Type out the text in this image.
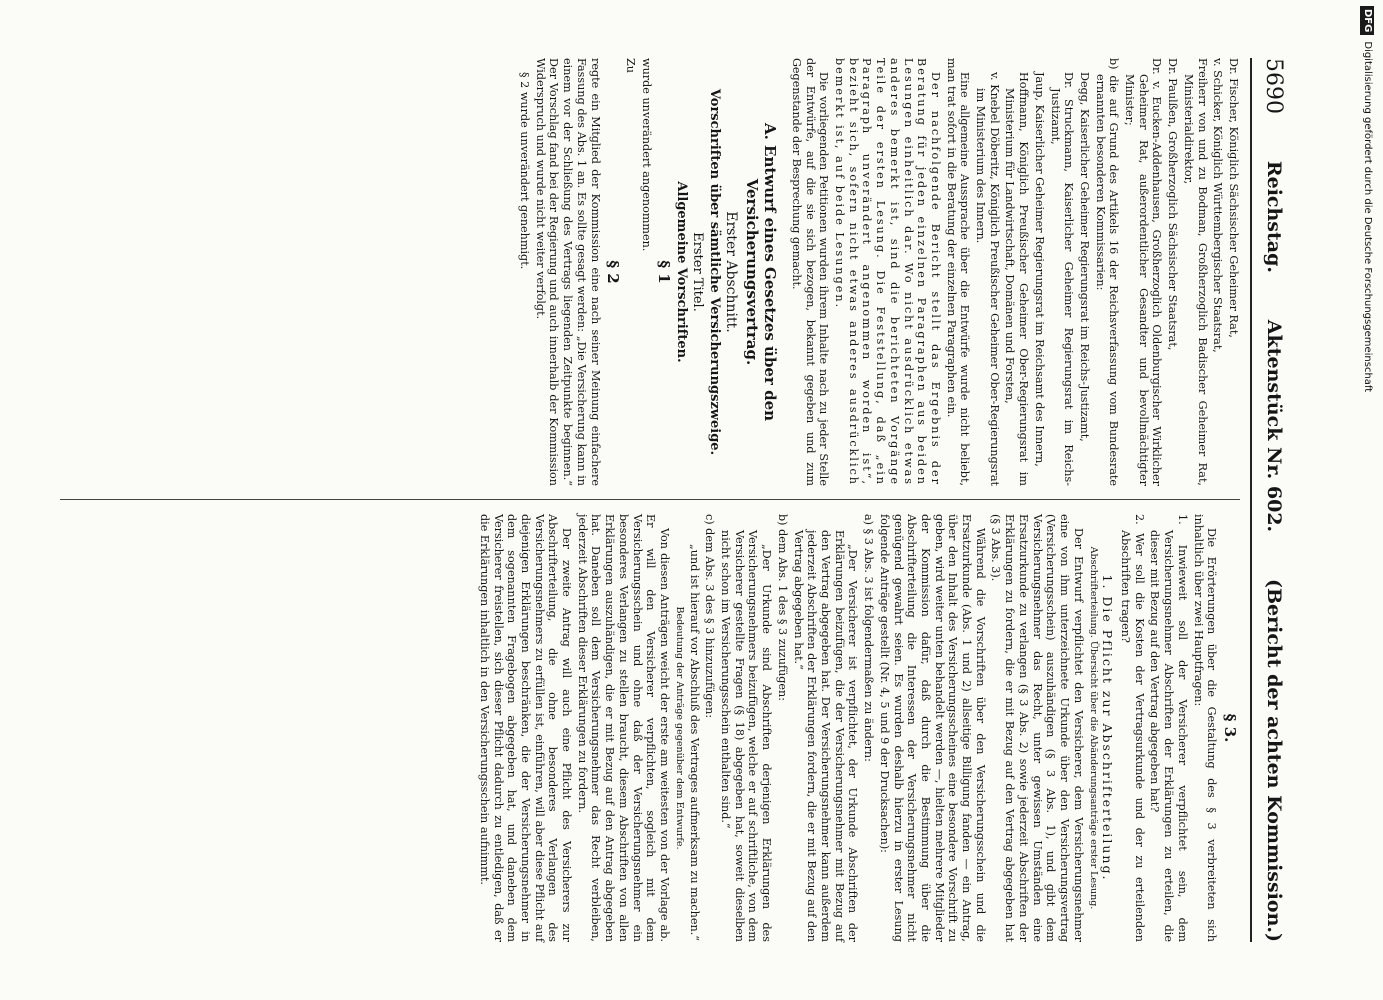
5690
Reichstag.
Aktenstück Nr. 602.
(Bericht der achten Kommission.)

Dr. Fischer, Königlich Sächsischer Geheimer Rat,

v. Schicker, Königlich Württembergischer Staatsrat,

Freiherr von und zu Bodman, Großherzoglich Badischer Geheimer Rat, Ministerialdirektor,

Dr. Paulßen, Großherzoglich Sächsischer Staatsrat,

Dr. v. Eucken-Addenhausen, Großherzoglich Oldenburgischer Wirklicher Geheimer Rat, außerordentlicher Gesandter und bevollmächtigter Minister;

b) die auf Grund des Artikels 16 der Reichsverfassung vom Bundesrate ernannten besonderen Kommissarien:

Degg, Kaiserlicher Geheimer Regierungsrat im Reichs-Justizamt,

Dr. Struckmann, Kaiserlicher Geheimer Regierungsrat im Reichs-Justizamt,

Jaup, Kaiserlicher Geheimer Regierungsrat im Reichsamt des Innern,

Hoffmann, Königlich Preußischer Geheimer Ober-Regierungsrat im Ministerium für Landwirtschaft, Domänen und Forsten,

v. Knebel Döberitz, Königlich Preußischer Geheimer Ober-Regierungsrat im Ministerium des Innern.

Eine allgemeine Aussprache über die Entwürfe wurde nicht beliebt, man trat sofort in die Beratung der einzelnen Paragraphen ein.

Der nachfolgende Bericht stellt das Ergebnis der Beratung für jeden einzelnen Paragraphen aus beiden Lesungen einheitlich dar. Wo nicht ausdrücklich etwas anderes bemerkt ist, sind die berichteten Vorgänge Teile der ersten Lesung. Die Feststellung, daß „ein Paragraph unverändert angenommen worden ist“, bezieht sich, sofern nicht etwas anderes ausdrücklich bemerkt ist, auf beide Lesungen.

Die vorliegenden Petitionen wurden ihrem Inhalte nach zu jeder Stelle der Entwürfe, auf die sie sich bezogen, bekannt gegeben und zum Gegenstande der Besprechung gemacht.

A. Entwurf eines Gesetzes über den Versicherungsvertrag.

Erster Abschnitt.

Vorschriften über sämtliche Versicherungszweige.

Erster Titel.

Allgemeine Vorschriften.

§ 1

wurde unverändert angenommen.

Zu

§ 2

regte ein Mitglied der Kommission eine nach seiner Meinung einfachere Fassung des Abs. 1 an. Es sollte gesagt werden: „Die Versicherung kann in einem vor der Schließung des Vertrags liegenden Zeitpunkte beginnen.“ Der Vorschlag fand bei der Regierung und auch innerhalb der Kommission Widerspruch und wurde nicht weiter verfolgt.

§ 2 wurde unverändert genehmigt.

§ 3.

Die Erörterungen über die Gestaltung des § 3 verbreiteten sich inhaltlich über zwei Hauptfragen:

1. Inwieweit soll der Versicherer verpflichtet sein, dem Versicherungsnehmer Abschriften der Erklärungen zu erteilen, die dieser mit Bezug auf den Vertrag abgegeben hat?

2. Wer soll die Kosten der Vertragsurkunde und der zu erteilenden Abschriften tragen?

1. Die Pflicht zur Abschrifterteilung.

Abschrifterteilung. Übersicht über die Abänderungsanträge erster Lesung.

Der Entwurf verpflichtet den Versicherer, dem Versicherungsnehmer eine von ihm unterzeichnete Urkunde über den Versicherungsvertrag (Versicherungsschein) auszuhändigen (§ 3 Abs. 1), und gibt dem Versicherungsnehmer das Recht, unter gewissen Umständen eine Ersatzurkunde zu verlangen (§ 3 Abs. 2) sowie jederzeit Abschriften der Erklärungen zu fordern, die er mit Bezug auf den Vertrag abgegeben hat (§ 3 Abs. 3).

Während die Vorschriften über den Versicherungsschein und die Ersatzurkunde (Abs. 1 und 2) allseitige Billigung fanden — ein Antrag, über den Inhalt des Versicherungsscheines eine besondere Vorschrift zu geben, wird weiter unten behandelt werden —, hielten mehrere Mitglieder der Kommission dafür, daß durch die Bestimmung über die Abschrifterteilung die Interessen der Versicherungsnehmer nicht genügend gewahrt seien. Es wurden deshalb hierzu in erster Lesung folgende Anträge gestellt (Nr. 4, 5 und 9 der Drucksachen):

a) § 3 Abs. 3 ist folgendermaßen zu ändern:

„Der Versicherer ist verpflichtet, der Urkunde Abschriften der Erklärungen beizufügen, die der Versicherungsnehmer mit Bezug auf den Vertrag abgegeben hat. Der Versicherungsnehmer kann außerdem jederzeit Abschriften der Erklärungen fordern, die er mit Bezug auf den Vertrag abgegeben hat.“

b) dem Abs. 1 des § 3 zuzufügen:

„Der Urkunde sind Abschriften derjenigen Erklärungen des Versicherungsnehmers beizufügen, welche er auf schriftliche, von dem Versicherer gestellte Fragen (§ 18) abgegeben hat, soweit dieselben nicht schon im Versicherungsschein enthalten sind.“

c) dem Abs. 3 des § 3 hinzuzufügen:

„und ist hierauf vor Abschluß des Vertrages aufmerksam zu machen.“

Bedeutung der Anträge gegenüber dem Entwurfe.

Von diesen Anträgen weicht der erste am weitesten von der Vorlage ab. Er will den Versicherer verpflichten, sogleich mit dem Versicherungsschein und ohne daß der Versicherungsnehmer ein besonderes Verlangen zu stellen braucht, diesem Abschriften von allen Erklärungen auszuhändigen, die er mit Bezug auf den Antrag abgegeben hat. Daneben soll dem Versicherungsnehmer das Recht verbleiben, jederzeit Abschriften dieser Erklärungen zu fordern.

Der zweite Antrag will auch eine Pflicht des Versicherers zur Abschrifterteilung, die ohne besonderes Verlangen des Versicherungsnehmers zu erfüllen ist, einführen, will aber diese Pflicht auf diejenigen Erklärungen beschränken, die der Versicherungsnehmer in dem sogenannten Fragebogen abgegeben hat, und daneben dem Versicherer freistellen, sich dieser Pflicht dadurch zu entledigen, daß er die Erklärungen inhaltlich in den Versicherungsschein aufnimmt.

DFGDigitalisierung gefördert durch die Deutsche Forschungsgemeinschaft
